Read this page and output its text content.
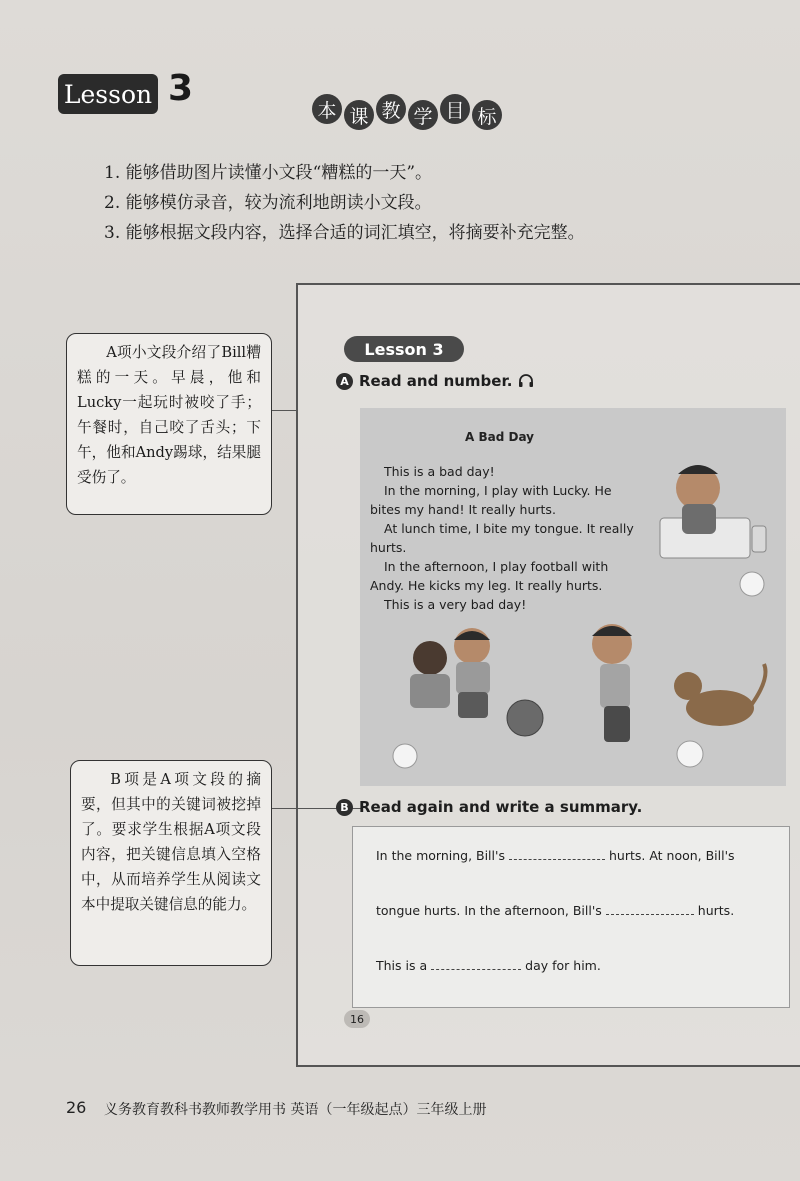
Lesson 3
本 课 教 学 目 标
1. 能够借助图片读懂小文段“糟糕的一天”。
2. 能够模仿录音，较为流利地朗读小文段。
3. 能够根据文段内容，选择合适的词汇填空，将摘要补充完整。
Lesson 3
A Read and number.
A Bad Day

This is a bad day!

In the morning, I play with Lucky. He

bites my hand! It really hurts.

At lunch time, I bite my tongue. It really

hurts.

In the afternoon, I play football with

Andy. He kicks my leg. It really hurts.

This is a very bad day!

B Read again and write a summary.
In the morning, Bill's	hurts. At noon, Bill's
tongue hurts. In the afternoon, Bill's	hurts.
This is a	day for him.
16

A项小文段介绍了Bill糟糕的一天。早晨，他和Lucky一起玩时被咬了手；午餐时，自己咬了舌头；下午，他和Andy踢球，结果腿受伤了。

B项是A项文段的摘要，但其中的关键词被挖掉了。要求学生根据A项文段内容，把关键信息填入空格中，从而培养学生从阅读文本中提取关键信息的能力。

26 义务教育教科书教师教学用书 英语（一年级起点）三年级上册
